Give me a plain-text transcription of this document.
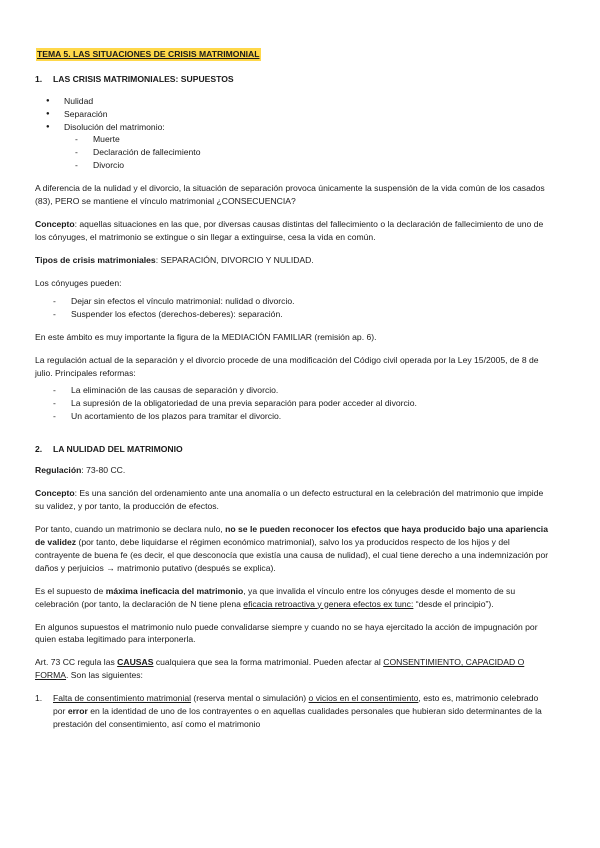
TEMA 5. LAS SITUACIONES DE CRISIS MATRIMONIAL
1.	LAS CRISIS MATRIMONIALES: SUPUESTOS
● Nulidad
● Separación
● Disolución del matrimonio:
- Muerte
- Declaración de fallecimiento
- Divorcio

A diferencia de la nulidad y el divorcio, la situación de separación provoca únicamente la suspensión de la vida común de los casados (83), PERO se mantiene el vínculo matrimonial ¿CONSECUENCIA?

Concepto: aquellas situaciones en las que, por diversas causas distintas del fallecimiento o la declaración de fallecimiento de uno de los cónyuges, el matrimonio se extingue o sin llegar a extinguirse, cesa la vida en común.

Tipos de crisis matrimoniales: SEPARACIÓN, DIVORCIO Y NULIDAD.

Los cónyuges pueden:

- Dejar sin efectos el vínculo matrimonial: nulidad o divorcio.
- Suspender los efectos (derechos-deberes): separación.

En este ámbito es muy importante la figura de la MEDIACIÓN FAMILIAR (remisión ap. 6).

La regulación actual de la separación y el divorcio procede de una modificación del Código civil operada por la Ley 15/2005, de 8 de julio. Principales reformas:

- La eliminación de las causas de separación y divorcio.
- La supresión de la obligatoriedad de una previa separación para poder acceder al divorcio.
- Un acortamiento de los plazos para tramitar el divorcio.
2.	LA NULIDAD DEL MATRIMONIO

Regulación: 73-80 CC.

Concepto: Es una sanción del ordenamiento ante una anomalía o un defecto estructural en la celebración del matrimonio que impide su validez, y por tanto, la producción de efectos.

Por tanto, cuando un matrimonio se declara nulo, no se le pueden reconocer los efectos que haya producido bajo una apariencia de validez (por tanto, debe liquidarse el régimen económico matrimonial), salvo los ya producidos respecto de los hijos y del contrayente de buena fe (es decir, el que desconocía que existía una causa de nulidad), el cual tiene derecho a una indemnización por daños y perjuicios → matrimonio putativo (después se explica).

Es el supuesto de máxima ineficacia del matrimonio, ya que invalida el vínculo entre los cónyuges desde el momento de su celebración (por tanto, la declaración de N tiene plena eficacia retroactiva y genera efectos ex tunc: “desde el principio”).

En algunos supuestos el matrimonio nulo puede convalidarse siempre y cuando no se haya ejercitado la acción de impugnación por quien estaba legitimado para interponerla.

Art. 73 CC regula las CAUSAS cualquiera que sea la forma matrimonial. Pueden afectar al CONSENTIMIENTO, CAPACIDAD O FORMA. Son las siguientes:

1.	Falta de consentimiento matrimonial (reserva mental o simulación) o vicios en el consentimiento, esto es, matrimonio celebrado por error en la identidad de uno de los contrayentes o en aquellas cualidades personales que hubieran sido determinantes de la prestación del consentimiento, así como el matrimonio
